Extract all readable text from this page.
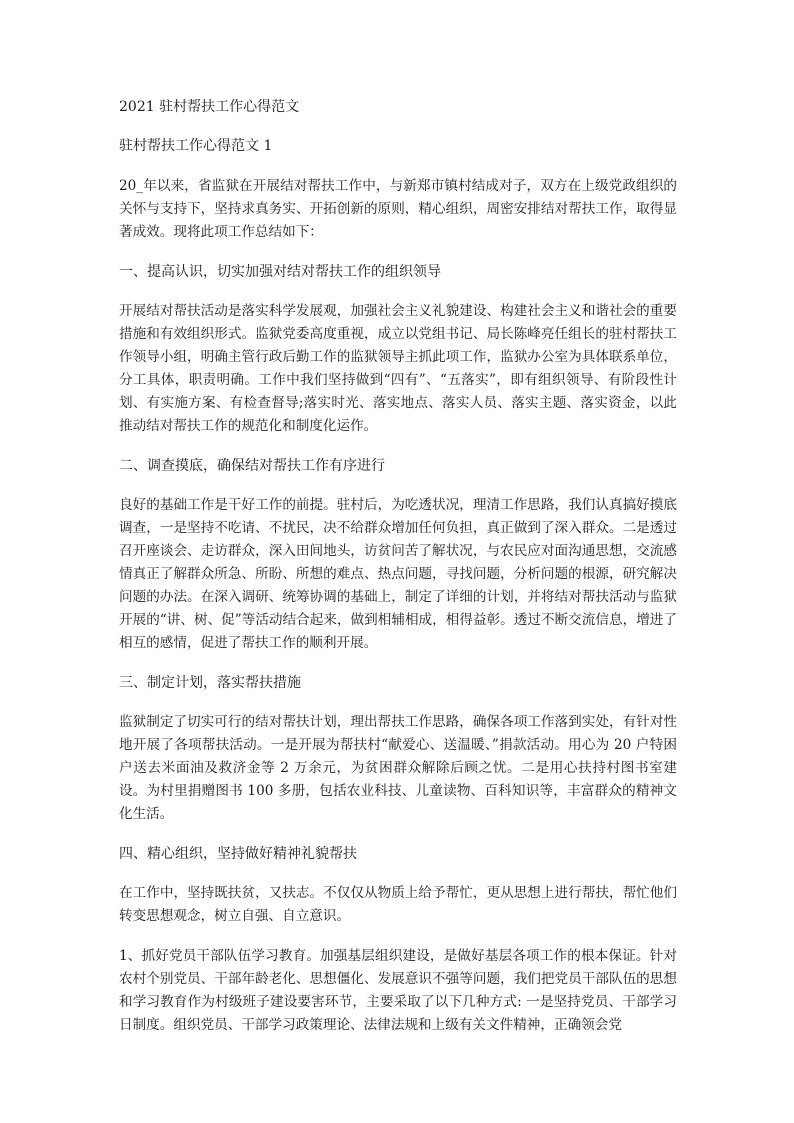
2021 驻村帮扶工作心得范文
驻村帮扶工作心得范文 1

20_年以来，省监狱在开展结对帮扶工作中，与新郑市镇村结成对子，双方在上级党政组织的关怀与支持下，坚持求真务实、开拓创新的原则，精心组织，周密安排结对帮扶工作，取得显著成效。现将此项工作总结如下：

一、提高认识，切实加强对结对帮扶工作的组织领导

开展结对帮扶活动是落实科学发展观，加强社会主义礼貌建设、构建社会主义和谐社会的重要措施和有效组织形式。监狱党委高度重视，成立以党组书记、局长陈峰亮任组长的驻村帮扶工作领导小组，明确主管行政后勤工作的监狱领导主抓此项工作，监狱办公室为具体联系单位，分工具体，职责明确。工作中我们坚持做到“四有”、“五落实”，即有组织领导、有阶段性计划、有实施方案、有检查督导;落实时光、落实地点、落实人员、落实主题、落实资金，以此推动结对帮扶工作的规范化和制度化运作。

二、调查摸底，确保结对帮扶工作有序进行

良好的基础工作是干好工作的前提。驻村后，为吃透状况，理清工作思路，我们认真搞好摸底调查，一是坚持不吃请、不扰民，决不给群众增加任何负担，真正做到了深入群众。二是透过召开座谈会、走访群众，深入田间地头，访贫问苦了解状况，与农民应对面沟通思想，交流感情真正了解群众所急、所盼、所想的难点、热点问题，寻找问题，分析问题的根源，研究解决问题的办法。在深入调研、统筹协调的基础上，制定了详细的计划，并将结对帮扶活动与监狱开展的“讲、树、促”等活动结合起来，做到相辅相成，相得益彰。透过不断交流信息，增进了相互的感情，促进了帮扶工作的顺利开展。

三、制定计划，落实帮扶措施

监狱制定了切实可行的结对帮扶计划，理出帮扶工作思路，确保各项工作落到实处，有针对性地开展了各项帮扶活动。一是开展为帮扶村“献爱心、送温暖、”捐款活动。用心为 20 户特困户送去米面油及救济金等 2 万余元，为贫困群众解除后顾之忧。二是用心扶持村图书室建设。为村里捐赠图书 100 多册，包括农业科技、儿童读物、百科知识等，丰富群众的精神文化生活。

四、精心组织，坚持做好精神礼貌帮扶

在工作中，坚持既扶贫，又扶志。不仅仅从物质上给予帮忙，更从思想上进行帮扶，帮忙他们转变思想观念，树立自强、自立意识。

1、抓好党员干部队伍学习教育。加强基层组织建设，是做好基层各项工作的根本保证。针对农村个别党员、干部年龄老化、思想僵化、发展意识不强等问题，我们把党员干部队伍的思想和学习教育作为村级班子建设要害环节，主要采取了以下几种方式: 一是坚持党员、干部学习日制度。组织党员、干部学习政策理论、法律法规和上级有关文件精神，正确领会党
